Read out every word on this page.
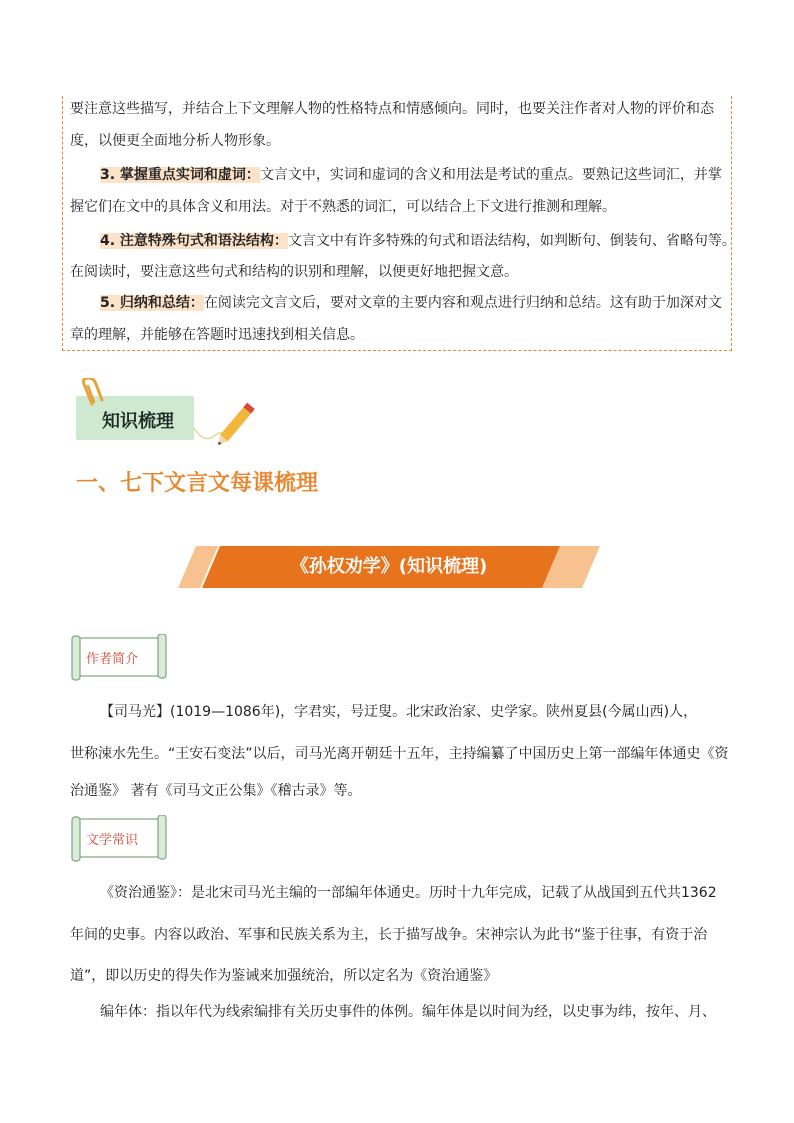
要注意这些描写，并结合上下文理解人物的性格特点和情感倾向。同时，也要关注作者对人物的评价和态
度，以便更全面地分析人物形象。
3. 掌握重点实词和虚词：文言文中，实词和虚词的含义和用法是考试的重点。要熟记这些词汇，并掌
握它们在文中的具体含义和用法。对于不熟悉的词汇，可以结合上下文进行推测和理解。
4. 注意特殊句式和语法结构：文言文中有许多特殊的句式和语法结构，如判断句、倒装句、省略句等。
在阅读时，要注意这些句式和结构的识别和理解，以便更好地把握文意。
5. 归纳和总结：在阅读完文言文后，要对文章的主要内容和观点进行归纳和总结。这有助于加深对文
章的理解，并能够在答题时迅速找到相关信息。
知识梳理
一、七下文言文每课梳理
《孙权劝学》(知识梳理)
作者简介
【司马光】(1019—1086年)，字君实，号迂叟。北宋政治家、史学家。陕州夏县(今属山西)人，
世称涑水先生。“王安石变法”以后，司马光离开朝廷十五年，主持编纂了中国历史上第一部编年体通史《资
治通鉴》 著有《司马文正公集》《稽古录》等。
文学常识
《资治通鉴》：是北宋司马光主编的一部编年体通史。历时十九年完成，记载了从战国到五代共1362
年间的史事。内容以政治、军事和民族关系为主，长于描写战争。宋神宗认为此书“鉴于往事，有资于治
道”，即以历史的得失作为鉴诫来加强统治，所以定名为《资治通鉴》
编年体：指以年代为线索编排有关历史事件的体例。编年体是以时间为经，以史事为纬，按年、月、
